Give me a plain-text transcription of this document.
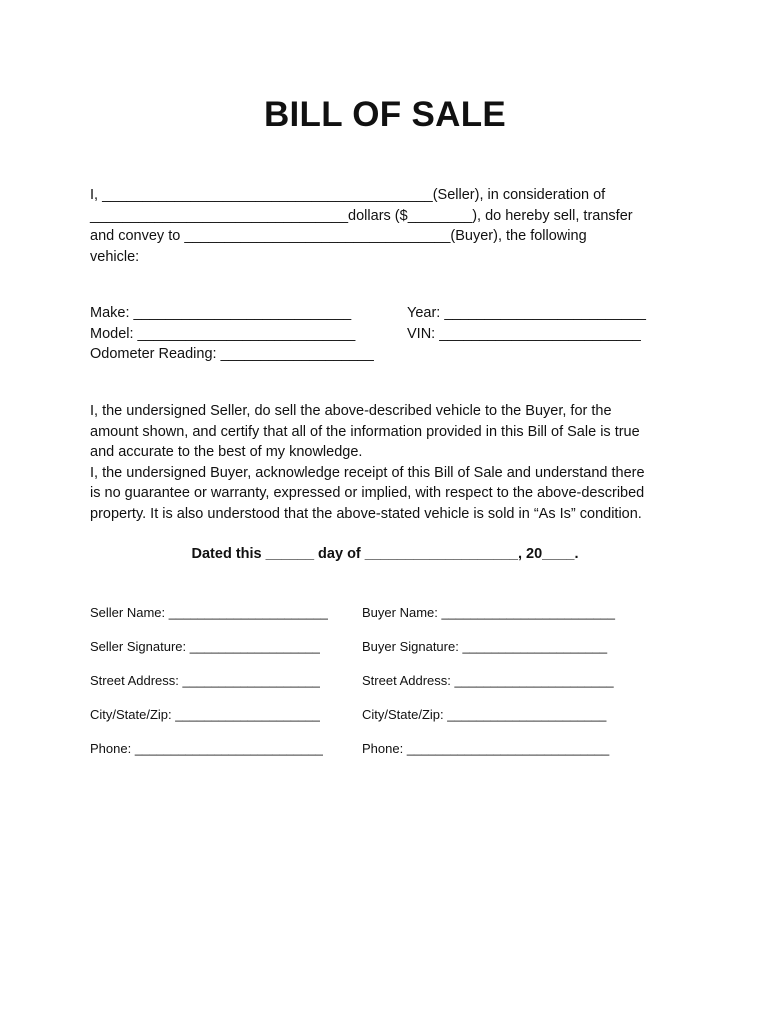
BILL OF SALE
I, _________________________________________(Seller), in consideration of
________________________________dollars ($________), do hereby sell, transfer
and convey to _________________________________(Buyer), the following
vehicle:
Make: ___________________________
Model: ___________________________
Odometer Reading: ___________________
Year: _________________________
VIN: _________________________
I, the undersigned Seller, do sell the above-described vehicle to the Buyer, for the
amount shown, and certify that all of the information provided in this Bill of Sale is true
and accurate to the best of my knowledge.
I, the undersigned Buyer, acknowledge receipt of this Bill of Sale and understand there
is no guarantee or warranty, expressed or implied, with respect to the above-described
property. It is also understood that the above-stated vehicle is sold in “As Is” condition.
Dated this ______ day of ___________________, 20____.
Seller Name: ______________________
Seller Signature: __________________
Street Address: ___________________
City/State/Zip: ____________________
Phone: __________________________
Buyer Name: ________________________
Buyer Signature: ____________________
Street Address: ______________________
City/State/Zip: ______________________
Phone: ____________________________
